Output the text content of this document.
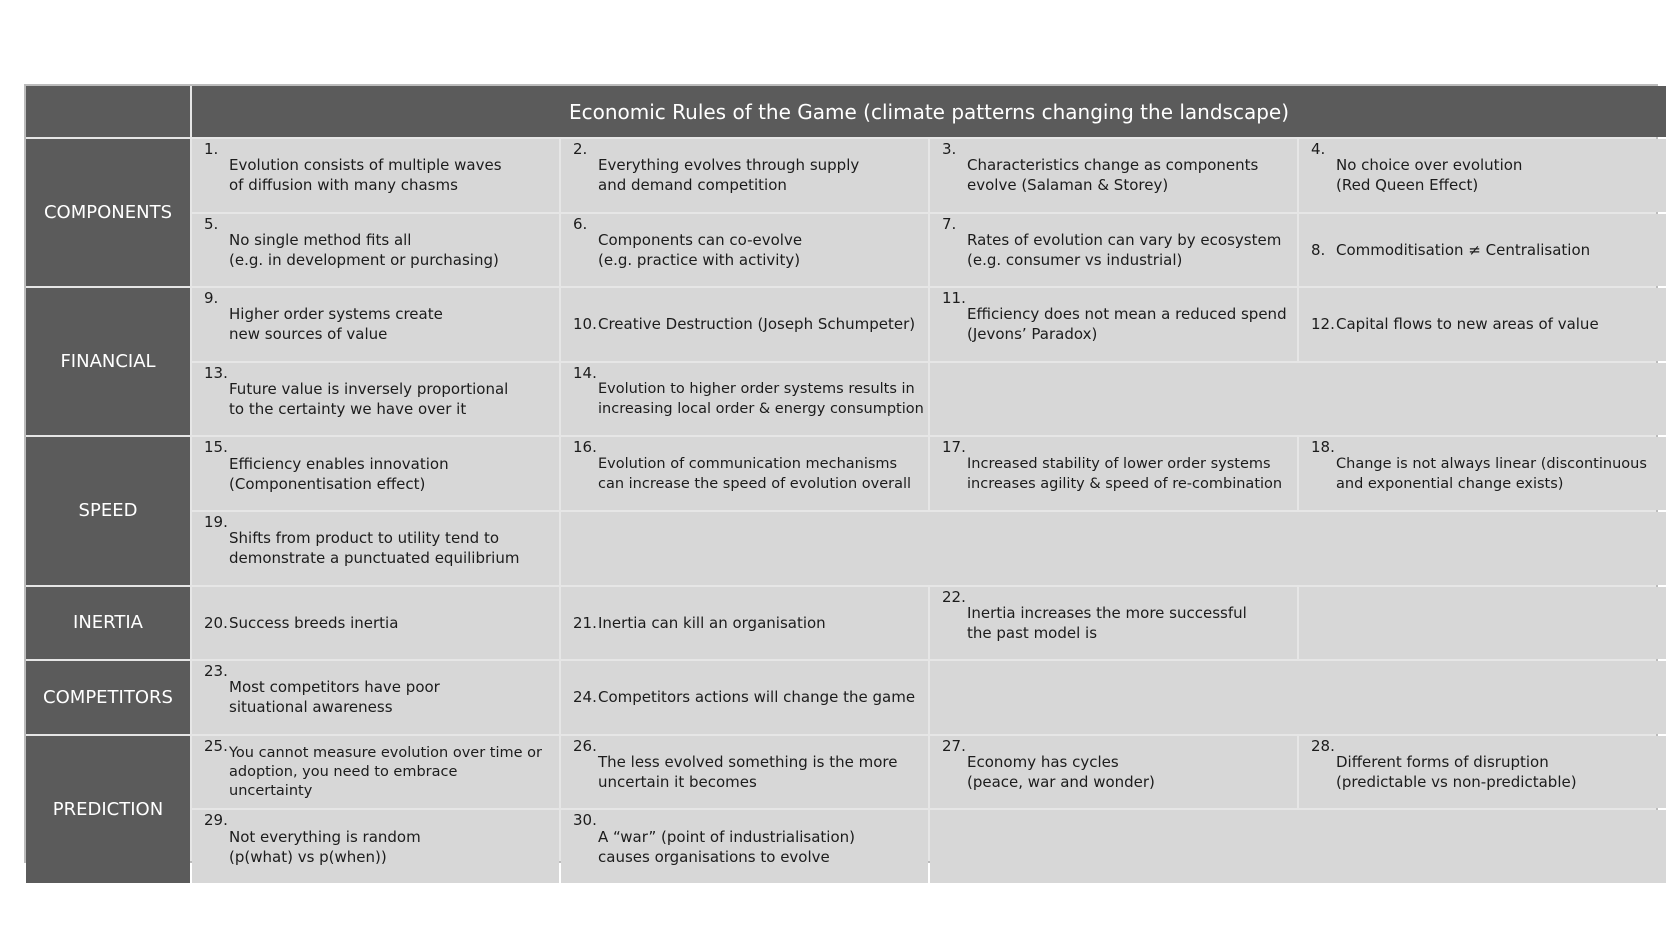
Economic Rules of the Game (climate patterns changing the landscape)
COMPONENTS
FINANCIAL
SPEED
INERTIA
COMPETITORS
PREDICTION
1.
Evolution consists of multiple waves
of diffusion with many chasms
2.
Everything evolves through supply
and demand competition
3.
Characteristics change as components
evolve (Salaman & Storey)
4.
No choice over evolution
(Red Queen Effect)
5.
No single method fits all
(e.g. in development or purchasing)
6.
Components can co-evolve
(e.g. practice with activity)
7.
Rates of evolution can vary by ecosystem
(e.g. consumer vs industrial)
8. Commoditisation ≠ Centralisation
9.
Higher order systems create
new sources of value
10. Creative Destruction (Joseph Schumpeter)
11.
Efficiency does not mean a reduced spend
(Jevons’ Paradox)
12. Capital flows to new areas of value
13.
Future value is inversely proportional
to the certainty we have over it
14.
Evolution to higher order systems results in
increasing local order & energy consumption
15.
Efficiency enables innovation
(Componentisation effect)
16.
Evolution of communication mechanisms
can increase the speed of evolution overall
17.
Increased stability of lower order systems
increases agility & speed of re-combination
18.
Change is not always linear (discontinuous
and exponential change exists)
19.
Shifts from product to utility tend to
demonstrate a punctuated equilibrium
20. Success breeds inertia	21. Inertia can kill an organisation
22.
Inertia increases the more successful
the past model is
23.
Most competitors have poor
situational awareness
24. Competitors actions will change the game
25. You cannot measure evolution over time or
adoption, you need to embrace
uncertainty
26.
The less evolved something is the more
uncertain it becomes
27.
Economy has cycles
(peace, war and wonder)
28.
Different forms of disruption
(predictable vs non-predictable)
29.
Not everything is random
(p(what) vs p(when))
30.
A “war” (point of industrialisation)
causes organisations to evolve
